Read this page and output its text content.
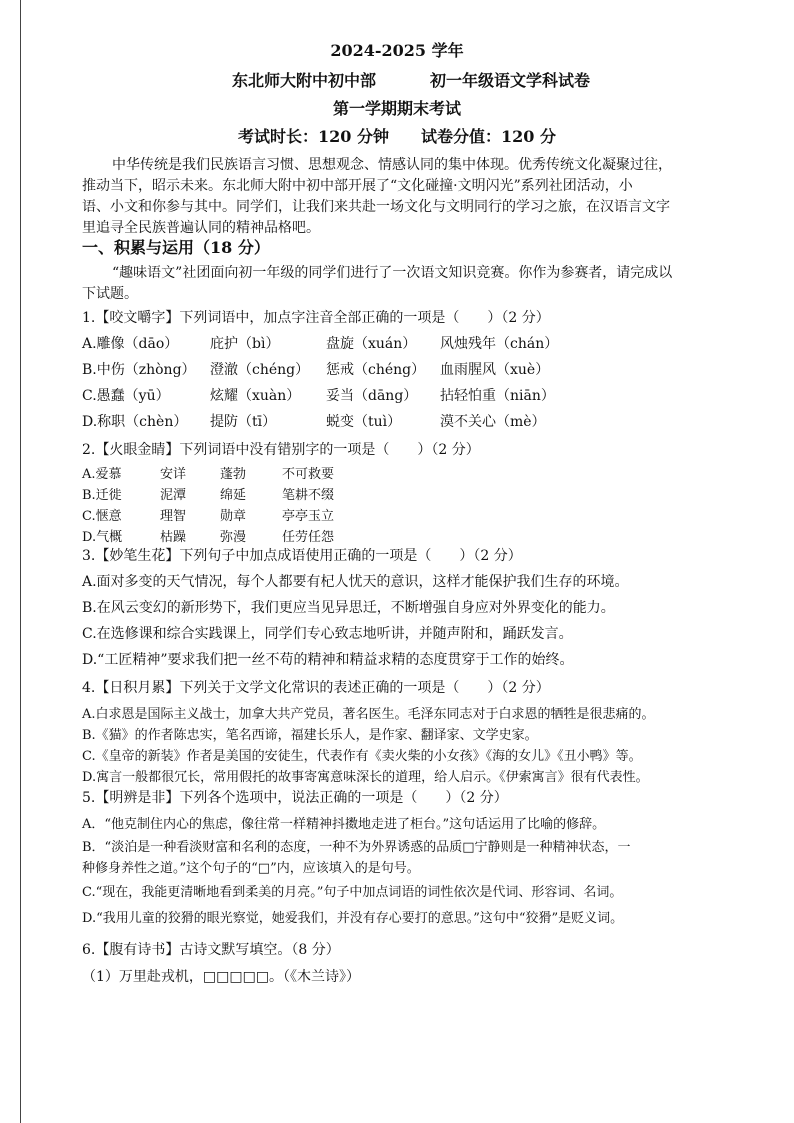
2024-2025 学年
东北师大附中初中部	初一年级语文学科试卷
第一学期期末考试
考试时长：120 分钟　　试卷分值：120 分
中华传统是我们民族语言习惯、思想观念、情感认同的集中体现。优秀传统文化凝聚过往，
推动当下，昭示未来。东北师大附中初中部开展了“文化碰撞·文明闪光”系列社团活动，小
语、小文和你参与其中。同学们，让我们来共赴一场文化与文明同行的学习之旅，在汉语言文字
里追寻全民族普遍认同的精神品格吧。
一、积累与运用（18 分）
“趣味语文”社团面向初一年级的同学们进行了一次语文知识竞赛。你作为参赛者，请完成以
下试题。
1.【咬文嚼字】下列词语中，加点字注音全部正确的一项是（　　）（2 分）
A.雕像（dāo） 庇护（bì）	盘旋（xuán） 风烛残年（chán）
B.中伤（zhòng） 澄澈（chéng） 惩戒（chéng） 血雨腥风（xuè）
C.愚蠢（yū）	炫耀（xuàn） 妥当（dāng） 拈轻怕重（niān）
D.称职（chèn） 提防（tī）	蜕变（tuì）	漠不关心（mè）
2.【火眼金睛】下列词语中没有错别字的一项是（　　）（2 分）
A.爱慕	安详	蓬勃	不可救要
B.迁徙	泥潭	绵延	笔耕不缀
C.惬意	理智	勋章	亭亭玉立
D.气概	枯躁	弥漫	任劳任怨
3.【妙笔生花】下列句子中加点成语使用正确的一项是（　　）（2 分）
A.面对多变的天气情况，每个人都要有杞人忧天的意识，这样才能保护我们生存的环境。
B.在风云变幻的新形势下，我们更应当见异思迁，不断增强自身应对外界变化的能力。
C.在选修课和综合实践课上，同学们专心致志地听讲，并随声附和，踊跃发言。
D.“工匠精神”要求我们把一丝不苟的精神和精益求精的态度贯穿于工作的始终。
4.【日积月累】下列关于文学文化常识的表述正确的一项是（　　）（2 分）
A.白求恩是国际主义战士，加拿大共产党员，著名医生。毛泽东同志对于白求恩的牺牲是很悲痛的。
B.《猫》的作者陈忠实，笔名西谛，福建长乐人，是作家、翻译家、文学史家。
C.《皇帝的新装》作者是美国的安徒生，代表作有《卖火柴的小女孩》《海的女儿》《丑小鸭》等。
D.寓言一般都很冗长，常用假托的故事寄寓意味深长的道理，给人启示。《伊索寓言》很有代表性。
5.【明辨是非】下列各个选项中，说法正确的一项是（　　）（2 分）
A．“他克制住内心的焦虑，像往常一样精神抖擞地走进了柜台。”这句话运用了比喻的修辞。
B．“淡泊是一种看淡财富和名利的态度，一种不为外界诱惑的品质□宁静则是一种精神状态，一
种修身养性之道。”这个句子的“□”内，应该填入的是句号。
C.“现在，我能更清晰地看到柔美的月亮。”句子中加点词语的词性依次是代词、形容词、名词。
D.“我用儿童的狡猾的眼光察觉，她爱我们，并没有存心要打的意思。”这句中“狡猾”是贬义词。
6.【腹有诗书】古诗文默写填空。（8 分）
（1）万里赴戎机，□□□□□。（《木兰诗》）
